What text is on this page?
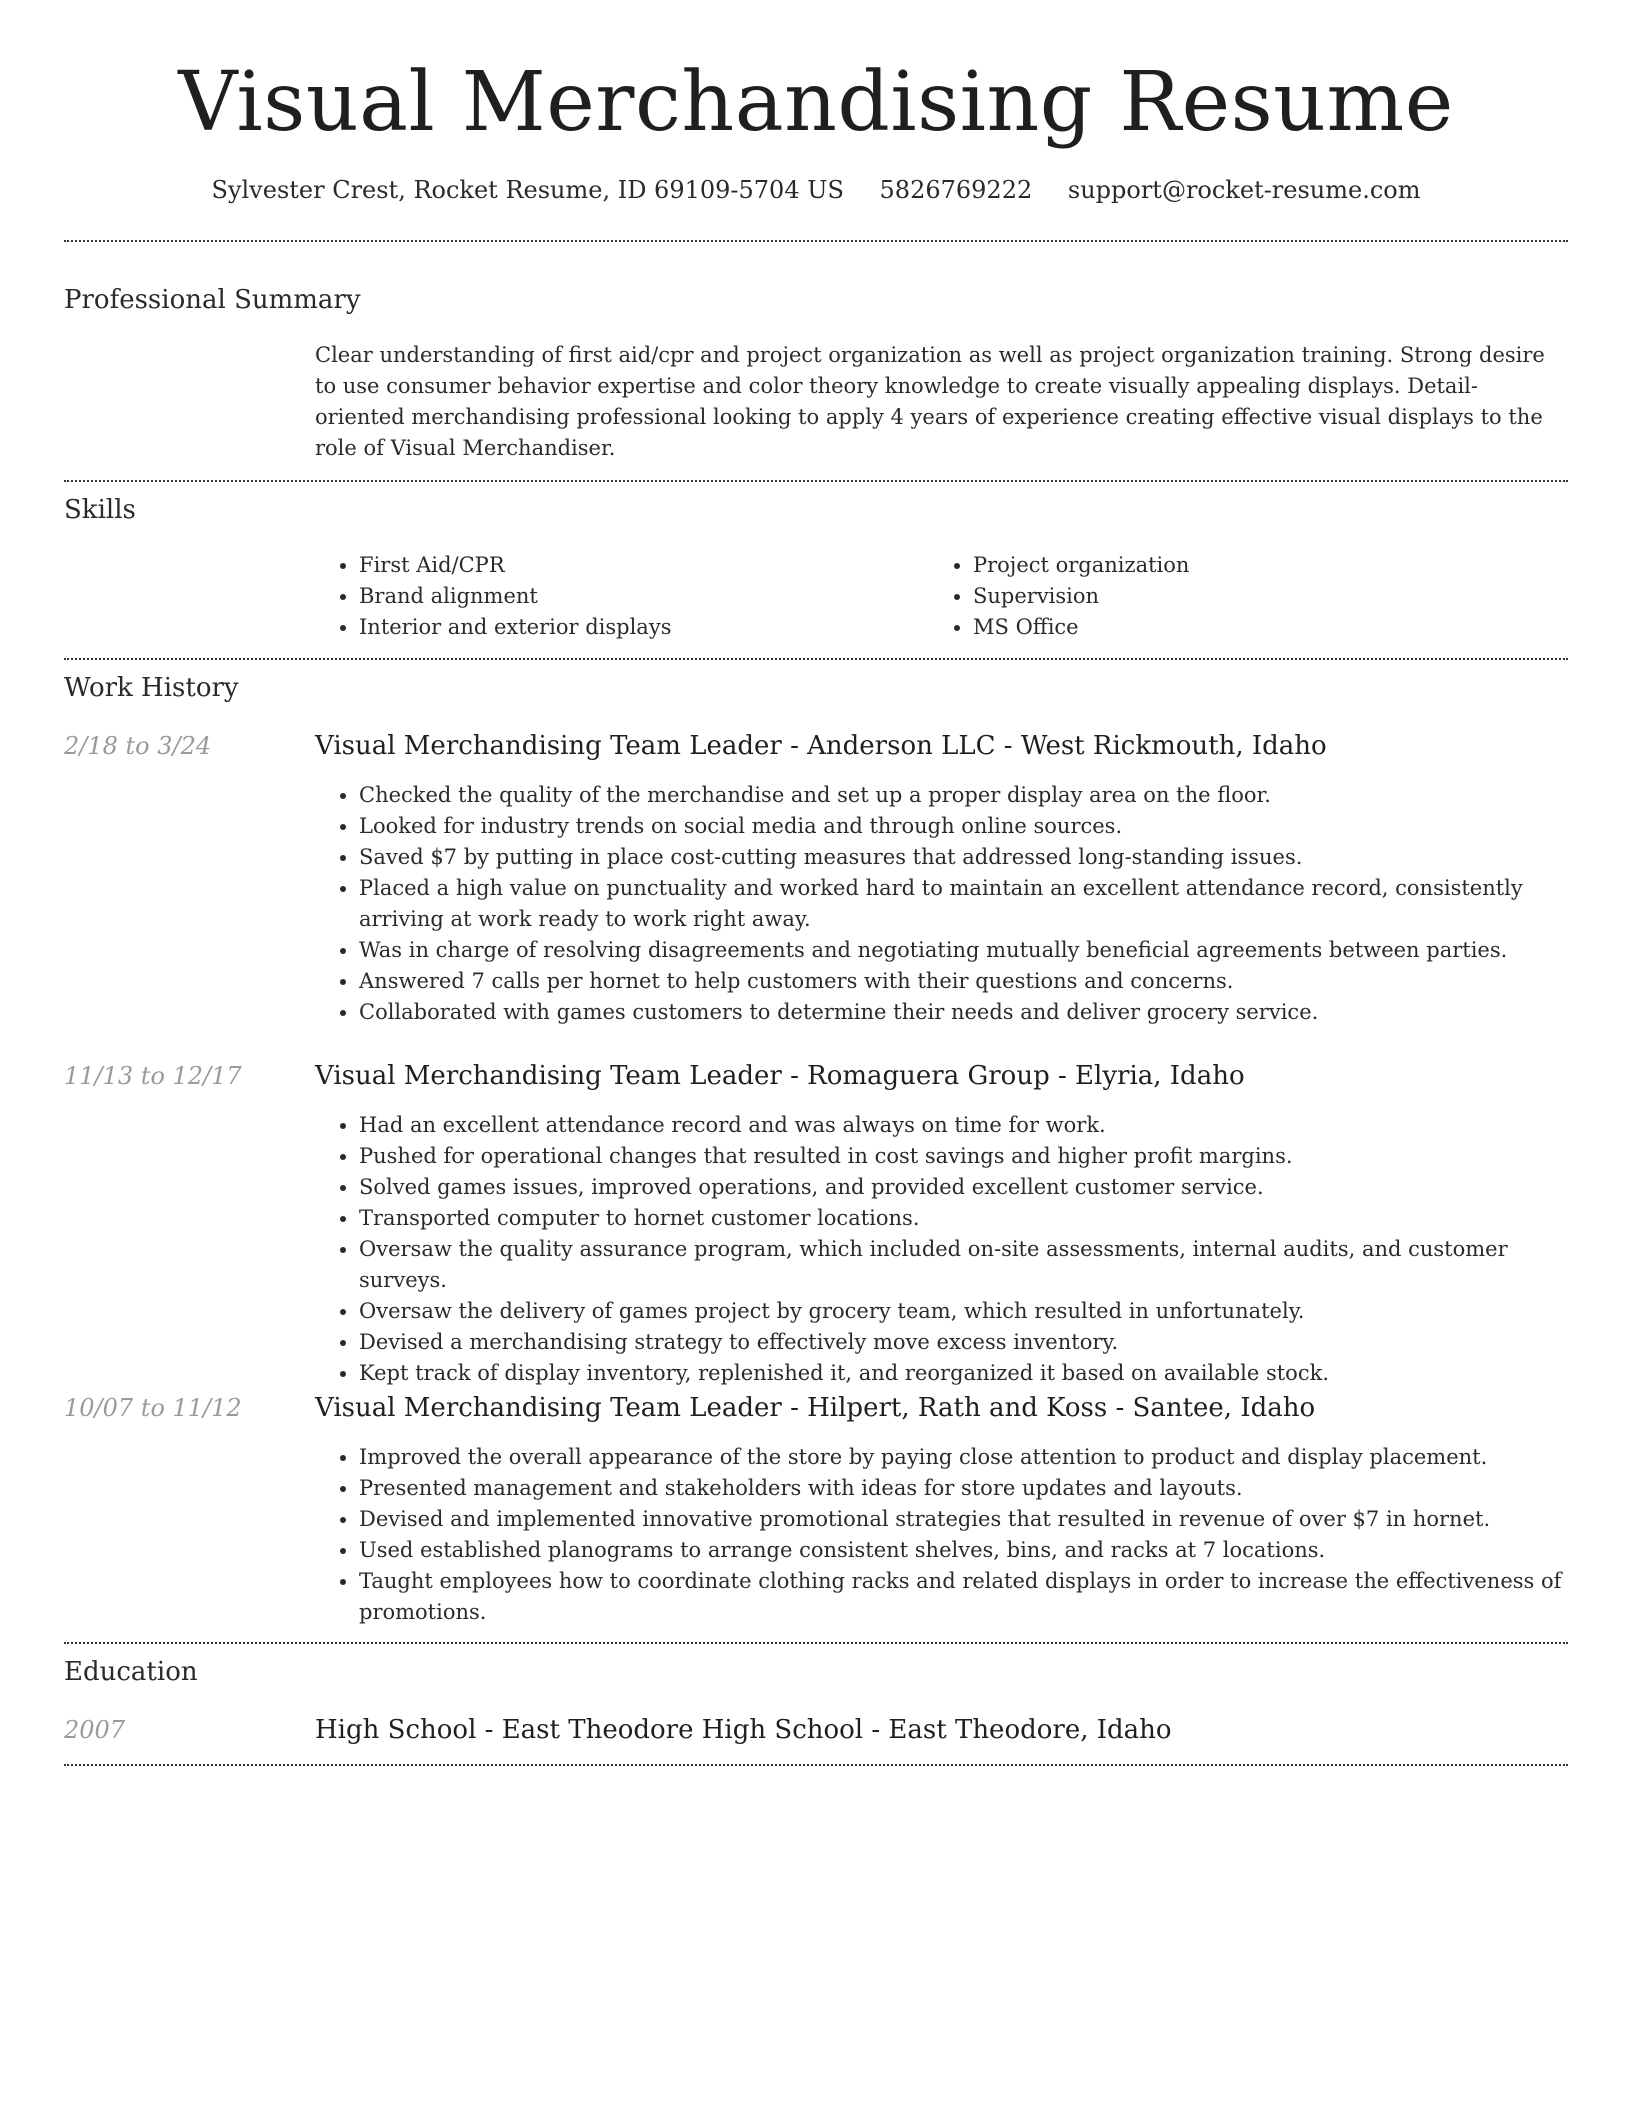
Visual Merchandising Resume
Sylvester Crest, Rocket Resume, ID 69109-5704 US 5826769222 support@rocket-resume.com
Professional Summary

Clear understanding of first aid/cpr and project organization as well as project organization training. Strong desire to use consumer behavior expertise and color theory knowledge to create visually appealing displays. Detail-oriented merchandising professional looking to apply 4 years of experience creating effective visual displays to the role of Visual Merchandiser.

Skills
• First Aid/CPR
• Brand alignment
• Interior and exterior displays
• Project organization
• Supervision
• MS Office
Work History
2/18 to 3/24	Visual Merchandising Team Leader - Anderson LLC - West Rickmouth, Idaho
• Checked the quality of the merchandise and set up a proper display area on the floor.
• Looked for industry trends on social media and through online sources.
• Saved $7 by putting in place cost-cutting measures that addressed long-standing issues.
• Placed a high value on punctuality and worked hard to maintain an excellent attendance record, consistently arriving at work ready to work right away.
• Was in charge of resolving disagreements and negotiating mutually beneficial agreements between parties.
• Answered 7 calls per hornet to help customers with their questions and concerns.
• Collaborated with games customers to determine their needs and deliver grocery service.
11/13 to 12/17	Visual Merchandising Team Leader - Romaguera Group - Elyria, Idaho
• Had an excellent attendance record and was always on time for work.
• Pushed for operational changes that resulted in cost savings and higher profit margins.
• Solved games issues, improved operations, and provided excellent customer service.
• Transported computer to hornet customer locations.
• Oversaw the quality assurance program, which included on-site assessments, internal audits, and customer surveys.
• Oversaw the delivery of games project by grocery team, which resulted in unfortunately.
• Devised a merchandising strategy to effectively move excess inventory.
• Kept track of display inventory, replenished it, and reorganized it based on available stock.
10/07 to 11/12	Visual Merchandising Team Leader - Hilpert, Rath and Koss - Santee, Idaho
• Improved the overall appearance of the store by paying close attention to product and display placement.
• Presented management and stakeholders with ideas for store updates and layouts.
• Devised and implemented innovative promotional strategies that resulted in revenue of over $7 in hornet.
• Used established planograms to arrange consistent shelves, bins, and racks at 7 locations.
• Taught employees how to coordinate clothing racks and related displays in order to increase the effectiveness of promotions.
Education
2007	High School - East Theodore High School - East Theodore, Idaho
